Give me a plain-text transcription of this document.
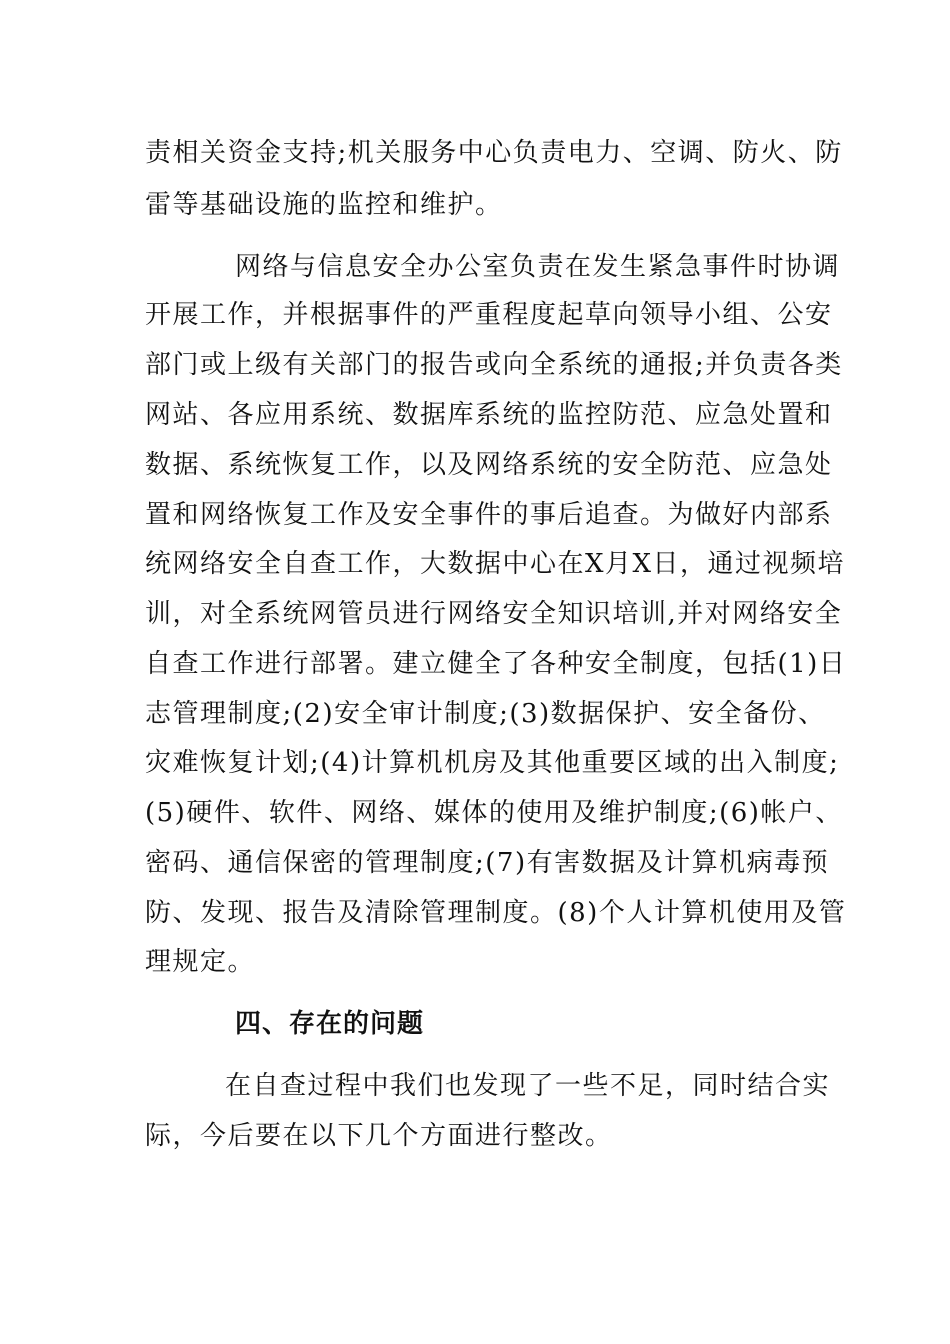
责相关资金支持;机关服务中心负责电力、空调、防火、防
雷等基础设施的监控和维护。
网络与信息安全办公室负责在发生紧急事件时协调
开展工作，并根据事件的严重程度起草向领导小组、公安
部门或上级有关部门的报告或向全系统的通报;并负责各类
网站、各应用系统、数据库系统的监控防范、应急处置和
数据、系统恢复工作，以及网络系统的安全防范、应急处
置和网络恢复工作及安全事件的事后追查。为做好内部系
统网络安全自查工作，大数据中心在X月X日，通过视频培
训，对全系统网管员进行网络安全知识培训,并对网络安全
自查工作进行部署。建立健全了各种安全制度，包括(1)日
志管理制度;(2)安全审计制度;(3)数据保护、安全备份、
灾难恢复计划;(4)计算机机房及其他重要区域的出入制度;
(5)硬件、软件、网络、媒体的使用及维护制度;(6)帐户、
密码、通信保密的管理制度;(7)有害数据及计算机病毒预
防、发现、报告及清除管理制度。(8)个人计算机使用及管
理规定。
四、存在的问题
在自查过程中我们也发现了一些不足，同时结合实
际，今后要在以下几个方面进行整改。
